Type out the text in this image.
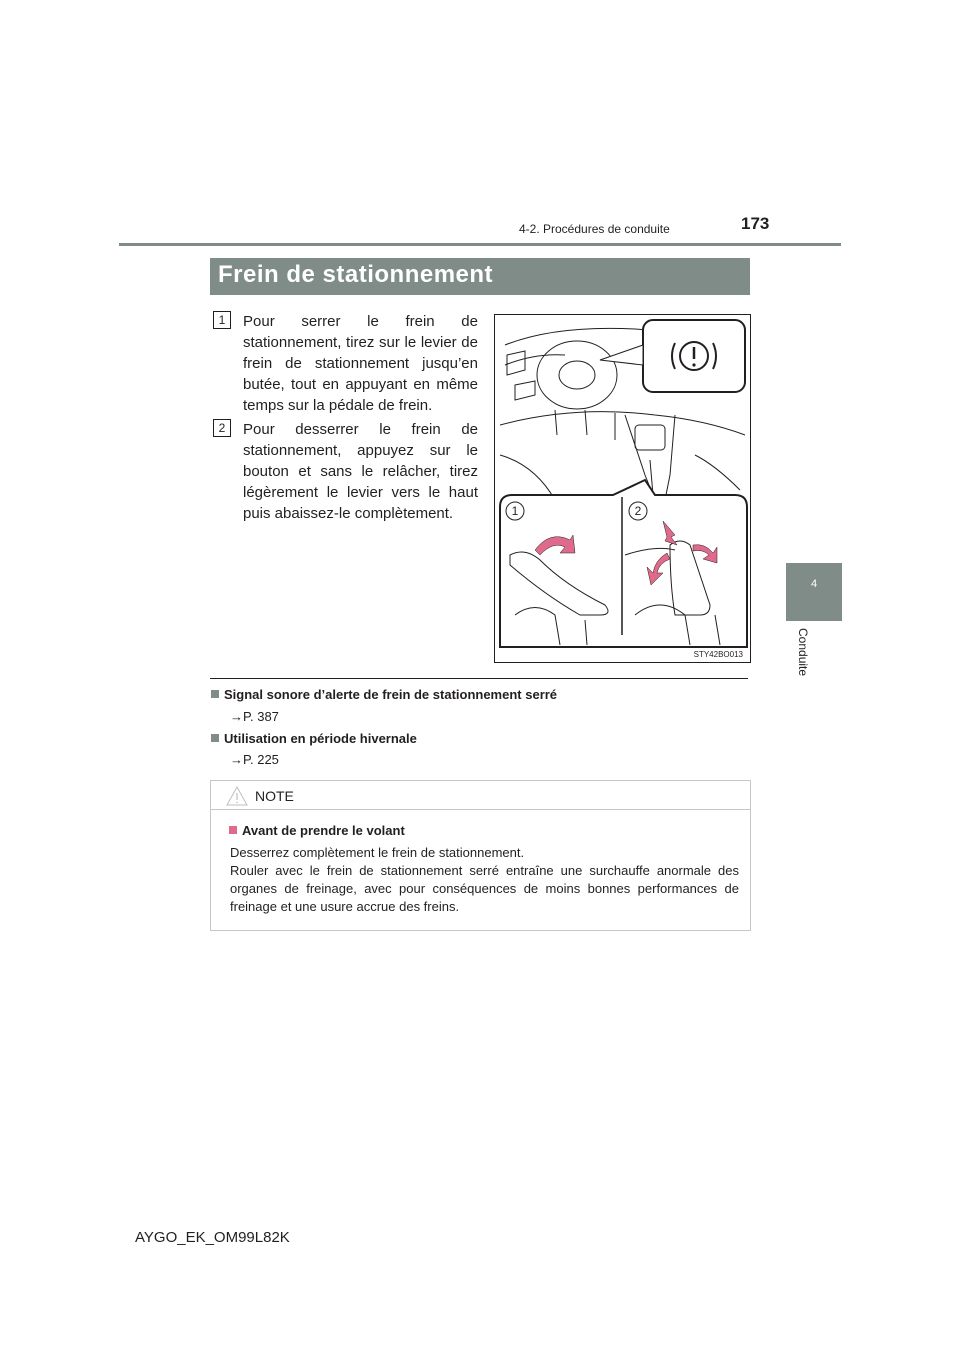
4-2. Procédures de conduite	173
4
Conduite
Frein de stationnement
1	Pour serrer le frein de stationnement, tirez sur le levier de frein de stationnement jusqu’en butée, tout en appuyant en même temps sur la pédale de frein.
2	Pour desserrer le frein de stationnement, appuyez sur le bouton et sans le relâcher, tirez légèrement le levier vers le haut puis abaissez-le complètement.	1	2
STY42BO013
Signal sonore d’alerte de frein de stationnement serré
→P. 387
Utilisation en période hivernale
→P. 225
NOTE
Avant de prendre le volant
Desserrez complètement le frein de stationnement.
Rouler avec le frein de stationnement serré entraîne une surchauffe anormale des organes de freinage, avec pour conséquences de moins bonnes performances de freinage et une usure accrue des freins.
AYGO_EK_OM99L82K
